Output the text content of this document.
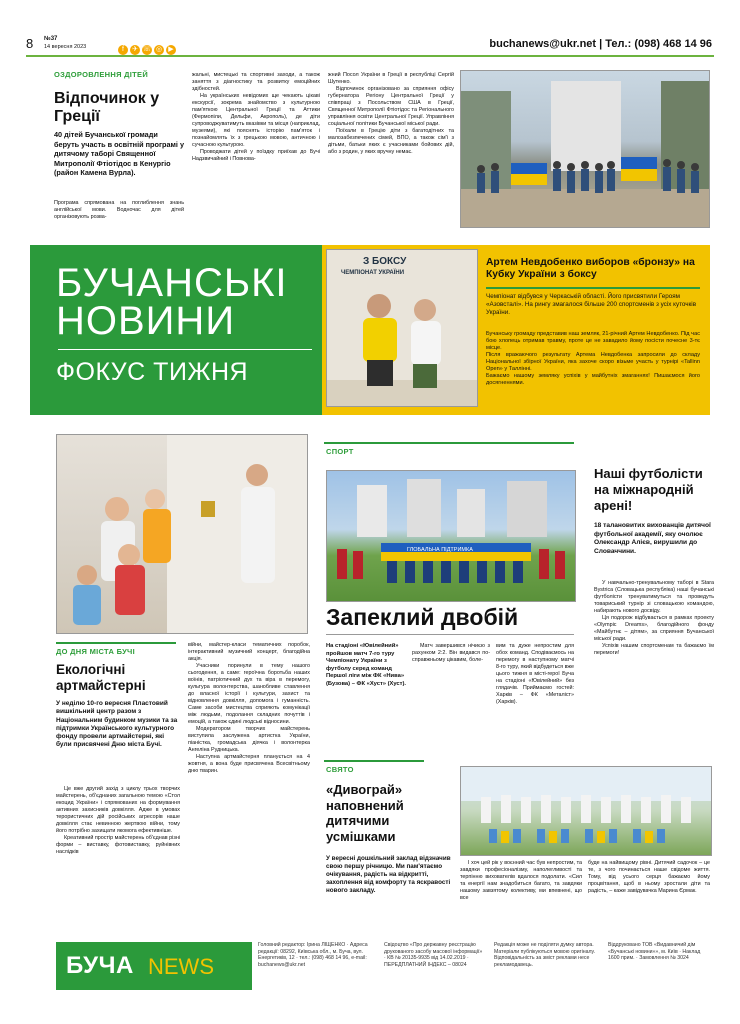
8 №37
14 вересня 2023	f ✈ ☏ ◎ ▶	buchanews@ukr.net | Тел.: (098) 468 14 96
ОЗДОРОВЛЕННЯ ДІТЕЙ
Відпочинок у Греції
40 дітей Бучанської громади беруть участь в освітній програмі у дитячому таборі Священної Митрополії Фтіотідос в Кенургіо (район Камена Вурла).
Програма спрямована на поглиблення знань англійської мови. Водночас для дітей організовують розва-
жальні, мистецькі та спортивні заходи, а також заняття з діагностику та розвитку емоційних здібностей.
На українських невідомих ще чекають цікаві екскурсії, зокрема знайомство з культурною пам'яткою Центральної Греції та Аттики (Фермопіли, Дельфи, Акрополь), де діти супроводжуватимуть вказівки та місця (наприклад, музеями), які пояснять історію пам'яток і познайомлять їх з грецькою мовою, античною і сучасною культурою.
Проводжати дітей у поїздку приїхав до Бучі Надзвичайний і Повнова-
жний Посол України в Греції в республіці Сергій Шутенко.
Відпочинок організовано за сприяння офісу губернатора Регіону Центральної Греції у співпраці з Посольством США в Греції, Священної Митрополії Фтіотідос та Регіонального управління освіти Центральної Греції. Управління соціальної політики Бучанської міської ради.
Поїхали в Грецію діти з багатодітних та малозабезпечених сімей, ВПО, а також сім'ї з дітьми, батьки яких є учасниками бойових дій, або з родин, у яких вручну немає.
БУЧАНСЬКІ
НОВИНИ
ФОКУС ТИЖНЯ
З БОКСУ
ЧЕМПІОНАТ УКРАЇНИ
Артем Невдобенко виборов «бронзу» на Кубку України з боксу
Чемпіонат відбувся у Черкаській області. Його присвятили Героям «Азовсталі». На рингу змагалося більше 200 спортсменів з усіх куточків України.
Бучанську громаду представив наш земляк, 21-річний Артем Невдобенко. Під час бою хлопець отримав травму, проте це не завадило йому посісти почесне 3-тє місце.
Після вражаючого результату Артема Невдобенка запросили до складу Національної збірної України, яка захоче скоро візьме участь у турнірі «Tallinn Open» у Таллінні.
Бажаємо нашому земляку успіхів у майбутніх змаганнях! Пишаємося його досягненнями.
СПОРТ
ГЛОБАЛЬНА ПІДТРИМКА
Запеклий двобій
На стадіоні «Ювілейний» пройшов матч 7-го туру Чемпіонату України з футболу серед команд Першої ліги між ФК «Нива» (Бузова) – ФК «Хуст» (Хуст).
Матч завершився нічиєю з рахунком 2:2. Він видався по-справжньому цікавим, боле-
вим та дуже непростим для обох команд. Сподіваємось на перемогу в наступному матчі 8-го туру, який відбудеться вже цього тижня в місті-герої Буча на стадіоні «Ювілейний» без глядачів. Приймаємо гостей: Харків – ФК «Металіст» (Харків).
Наші футболісти на міжнародній арені!
18 талановитих вихованців дитячої футбольної академії, яку очолює Олександр Алієв, вирушили до Словаччини.
У навчально-тренувальному таборі в Stara Bystrica (Словацька республіка) наші бучанські футболісти тренуватимуться та проведуть товариський турнір зі словацькою командою, набирають нового досвіду.
Ця подорож відбувається в рамках проекту «Olympic Dreams», благодійного фонду «Майбутнє – дітям», за сприяння Бучанської міської ради.
Успіхів нашим спортсменам та бажаємо їм перемоги!
ДО ДНЯ МІСТА БУЧІ
Екологічні артмайстерні
У неділю 10-го вересня Пластовий вишкільний центр разом з Національним будинком музики та за підтримки Українського культурного фонду провели артмайстерні, які були присвячені Дню міста Бучі.
Це вже другий захід з циклу трьох творчих майстерень, об'єднаних загальною темою «Стол екоцид України» і спрямованих на формування активних захисників довкілля. Адже в умовах терористичних дій російських агресорів наше довкілля стає невинною жертвою війни, тому його потрібно захищати якомога ефективніше.
Креативний простір майстерень об'єднав різні форми – виставку, фотовиставку, руйнівних наслідків
війни, майстер-класи тематичних поробок, інтерактивний музичний концерт, благодійна акція.
Учасники поринули в тему нашого сьогодення, а саме: героїчна боротьба наших воїнів, патріотичний дух та віра в перемогу, культура волонтерства, шанобливе ставлення до власної історії і культури, захист та відновлення довкілля, допомога і гуманність. Саме засоби мистецтва сприяють комунікації між людьми, подолання складних почуттів і емоцій, а також єдині людські відносини.
Модератором творчих майстерень виступила заслужена артистка України, піаністка, громадська діячка і волонтерка Ангеліна Рудницька.
Наступна артмайстерня планується на 4 жовтня, а вона буде присвячена Всесвітньому дню тварин.	СВЯТО
«Дивограй» наповнений дитячими усмішками
У вересні дошкільний заклад відзначив свою першу річницю. Ми пам'ятаємо очікування, радість на відкритті, захоплення від комфорту та яскравості нового закладу.
І хоч цей рік у воєнний час був непростим, та завдяки професіоналізму, наполегливості та терпінню вихователів вдалося подолати. «Сил та енергії нам знадобиться багато, та завдяки нашому завзятому колективу, ми впевнені, що все
буде на найвищому рівні. Дитячий садочок – це те, з чого починається наше свідоме життя. Тому, від усього серця бажаємо йому процвітання, щоб в ньому зростали діти та радість, – каже завідувачка Марина Єрмак.
БУЧА NEWS
Головний редактор: Ірина ЛІЩЕНКО · Адреса редакції: 08292, Київська обл., м. Буча, вул. Енергетиків, 12 · тел.: (098) 468 14 96, e-mail: buchanews@ukr.net
Свідоцтво «Про державну реєстрацію друкованого засобу масової інформації» · КВ № 20135-9935 від 14.02.2019 · ПЕРЕДПЛАТНИЙ ІНДЕКС – 08024
Редакція може не поділяти думку автора. Матеріали публікуються мовою оригіналу. Відповідальність за зміст реклами несе рекламодавець.
Віддруковано ТОВ «Видавничий дім «Бучанські новини»», м. Київ · Наклад 1600 прим. · Замовлення № 3024
